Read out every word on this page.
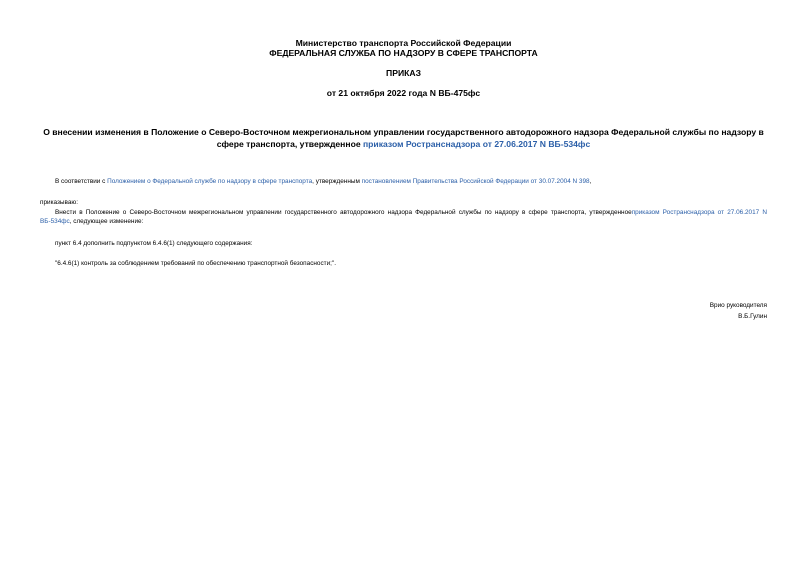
Министерство транспорта Российской Федерации
ФЕДЕРАЛЬНАЯ СЛУЖБА ПО НАДЗОРУ В СФЕРЕ ТРАНСПОРТА
ПРИКАЗ
от 21 октября 2022 года N ВБ-475фс
О внесении изменения в Положение о Северо-Восточном межрегиональном управлении государственного автодорожного надзора Федеральной службы по надзору в сфере транспорта, утвержденное приказом Ространснадзора от 27.06.2017 N ВБ-534фс
В соответствии с Положением о Федеральной службе по надзору в сфере транспорта, утвержденным постановлением Правительства Российской Федерации от 30.07.2004 N 398,
приказываю:
Внести в Положение о Северо-Восточном межрегиональном управлении государственного автодорожного надзора Федеральной службы по надзору в сфере транспорта, утвержденноеприказом Ространснадзора от 27.06.2017 N ВБ-534фс, следующее изменение:
пункт 6.4 дополнить подпунктом 6.4.6(1) следующего содержания:
"6.4.6(1) контроль за соблюдением требований по обеспечению транспортной безопасности;".
Врио руководителя
В.Б.Гулин
